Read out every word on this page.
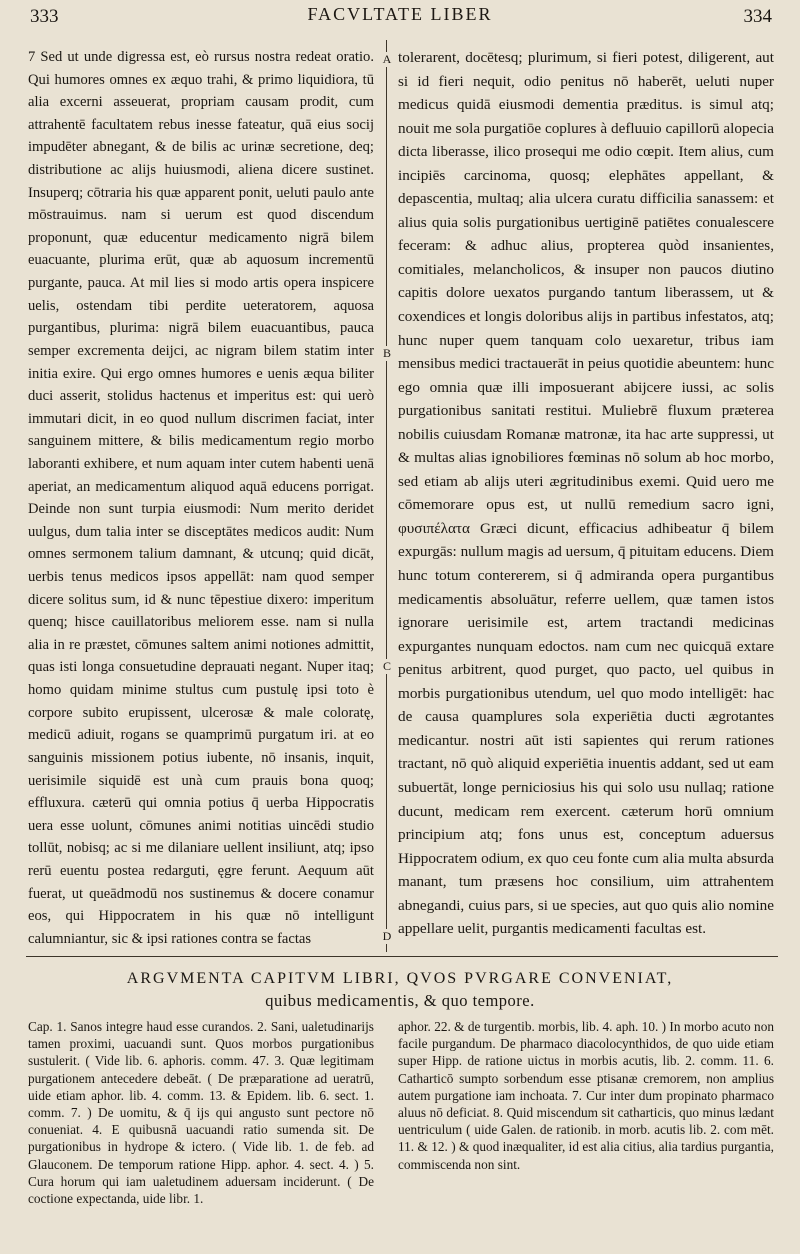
333	FACVLTATE LIBER	334

7 Sed ut unde digressa est, eò rursus nostra redeat oratio. Qui humores omnes ex æquo trahi, & primo liquidiora, tū alia excerni asseuerat, propriam causam prodit, cum attrahentē facultatem rebus inesse fateatur, quā eius socij impudēter abnegant, & de bilis ac urinæ secretione, deq; distributione ac alijs huiusmodi, aliena dicere sustinet. Insuperq; cōtraria his quæ apparent ponit, ueluti paulo ante mōstrauimus. nam si uerum est quod discendum proponunt, quæ educentur medicamento nigrā bilem euacuante, plurima erūt, quæ ab aquosum incrementū purgante, pauca. At mil lies si modo artis opera inspicere uelis, ostendam tibi perdite ueteratorem, aquosa purgantibus, plurima: nigrā bilem euacuantibus, pauca semper excrementa deijci, ac nigram bilem statim inter initia exire. Qui ergo omnes humores e uenis æqua biliter duci asserit, stolidus hactenus et imperitus est: qui uerò immutari dicit, in eo quod nullum discrimen faciat, inter sanguinem mittere, & bilis medicamentum regio morbo laboranti exhibere, et num aquam inter cutem habenti uenā aperiat, an medicamentum aliquod aquā educens porrigat. Deinde non sunt turpia eiusmodi: Num merito deridet uulgus, dum talia inter se disceptātes medicos audit: Num omnes sermonem talium damnant, & utcunq; quid dicāt, uerbis tenus medicos ipsos appellāt: nam quod semper dicere solitus sum, id & nunc tēpestiue dixero: imperitum quenq; hisce cauillatoribus meliorem esse. nam si nulla alia in re præstet, cōmunes saltem animi notiones admittit, quas isti longa consuetudine deprauati negant. Nuper itaq; homo quidam minime stultus cum pustulę ipsi toto è corpore subito erupissent, ulcerosæ & male coloratę, medicū adiuit, rogans se quamprimū purgatum iri. at eo sanguinis missionem potius iubente, nō insanis, inquit, uerisimile siquidē est unà cum prauis bona quoq; effluxura. cæterū qui omnia potius q̄ uerba Hippocratis uera esse uolunt, cōmunes animi notitias uincēdi studio tollūt, nobisq; ac si me dilaniare uellent insiliunt, atq; ipso rerū euentu postea redarguti, ęgre ferunt. Aequum aūt fuerat, ut queādmodū nos sustinemus & docere conamur eos, qui Hippocratem in his quæ nō intelligunt calumniantur, sic & ipsi rationes contra se factas

A
B
C
D

tolerarent, docētesq; plurimum, si fieri potest, diligerent, aut si id fieri nequit, odio penitus nō haberēt, ueluti nuper medicus quidā eiusmodi dementia præditus. is simul atq; nouit me sola purgatiōe coplures à defluuio capillorū alopecia dicta liberasse, ilico prosequi me odio cœpit. Item alius, cum incipiēs carcinoma, quosq; elephātes appellant, & depascentia, multaq; alia ulcera curatu difficilia sanassem: et alius quia solis purgationibus uertiginē patiētes conualescere feceram: & adhuc alius, propterea quòd insanientes, comitiales, melancholicos, & insuper non paucos diutino capitis dolore uexatos purgando tantum liberassem, ut & coxendices et longis doloribus alijs in partibus infestatos, atq; hunc nuper quem tanquam colo uexaretur, tribus iam mensibus medici tractauerāt in peius quotidie abeuntem: hunc ego omnia quæ illi imposuerant abijcere iussi, ac solis purgationibus sanitati restitui. Muliebrē fluxum præterea nobilis cuiusdam Romanæ matronæ, ita hac arte suppressi, ut & multas alias ignobiliores fœminas nō solum ab hoc morbo, sed etiam ab alijs uteri ægritudinibus exemi. Quid uero me cōmemorare opus est, ut nullū remedium sacro igni, φυσιπέλατα Græci dicunt, efficacius adhibeatur q̄ bilem expurgās: nullum magis ad uersum, q̄ pituitam educens. Diem hunc totum contererem, si q̄ admiranda opera purgantibus medicamentis absoluātur, referre uellem, quæ tamen istos ignorare uerisimile est, artem tractandi medicinas expurgantes nunquam edoctos. nam cum nec quicquā extare penitus arbitrent, quod purget, quo pacto, uel quibus in morbis purgationibus utendum, uel quo modo intelligēt: hac de causa quamplures sola experiētia ducti ægrotantes medicantur. nostri aūt isti sapientes qui rerum rationes tractant, nō quò aliquid experiētia inuentis addant, sed ut eam subuertāt, longe perniciosius his qui solo usu nullaq; ratione ducunt, medicam rem exercent. cæterum horū omnium principium atq; fons unus est, conceptum aduersus Hippocratem odium, ex quo ceu fonte cum alia multa absurda manant, tum præsens hoc consilium, uim attrahentem abnegandi, cuius pars, si ue species, aut quo quis alio nomine appellare uelit, purgantis medicamenti facultas est.

ARGVMENTA CAPITVM LIBRI, QVOS PVRGARE CONVENIAT,
quibus medicamentis, & quo tempore.

Cap. 1. Sanos integre haud esse curandos. 2. Sani, ualetudinarijs tamen proximi, uacuandi sunt. Quos morbos purgationibus sustulerit. ( Vide lib. 6. aphoris. comm. 47. 3. Quæ legitimam purgationem antecedere debeāt. ( De præparatione ad ueratrū, uide etiam aphor. lib. 4. comm. 13. & Epidem. lib. 6. sect. 1. comm. 7. ) De uomitu, & q̄ ijs qui angusto sunt pectore nō conueniat. 4. E quibusnā uacuandi ratio sumenda sit. De purgationibus in hydrope & ictero. ( Vide lib. 1. de feb. ad Glauconem. De temporum ratione Hipp. aphor. 4. sect. 4. ) 5. Cura horum qui iam ualetudinem aduersam inciderunt. ( De coctione expectanda, uide libr. 1.

aphor. 22. & de turgentib. morbis, lib. 4. aph. 10. ) In morbo acuto non facile purgandum. De pharmaco diacolocynthidos, de quo uide etiam super Hipp. de ratione uictus in morbis acutis, lib. 2. comm. 11. 6. Catharticō sumpto sorbendum esse ptisanæ cremorem, non amplius autem purgatione iam inchoata. 7. Cur inter dum propinato pharmaco aluus nō deficiat. 8. Quid miscendum sit catharticis, quo minus lædant uentriculum ( uide Galen. de rationib. in morb. acutis lib. 2. com mēt. 11. & 12. ) & quod inæqualiter, id est alia citius, alia tardius purgantia, commiscenda non sint.
